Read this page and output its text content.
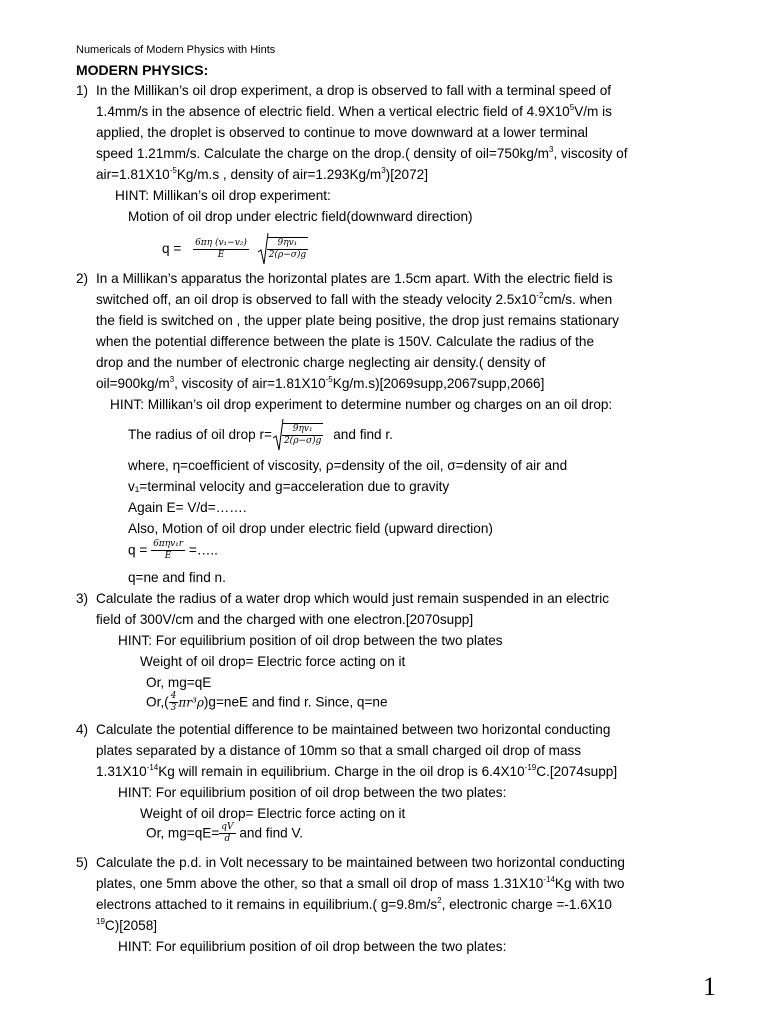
Numericals of Modern Physics with Hints
MODERN PHYSICS:
1) In the Millikan’s oil drop experiment, a drop is observed to fall with a terminal speed of
1.4mm/s in the absence of electric field. When a vertical electric field of $4.9X10^5V/m$ is
applied, the droplet is observed to continue to move downward at a lower terminal
speed 1.21mm/s. Calculate the charge on the drop.( density of $oil=750kg/m^3$, viscosity of
$air=1.81X10^{-5}Kg/m.s$ , density of $air=1.293Kg/m^3)[2072]$
HINT: Millikan’s oil drop experiment:
Motion of oil drop under electric field(downward direction)
$q = \frac{\text{6πη (v₁−v₂)}}{E}$
$\frac{\text{9ηv₁}}{2(\rho-\sigma)g}$
2) In a Millikan’s apparatus the horizontal plates are 1.5cm apart. With the electric field is
switched off, an oil drop is observed to fall with the steady velocity $2.5x10^{-2}cm/s$. when
the field is switched on , the upper plate being positive, the drop just remains stationary
when the potential difference between the plate is 150V. Calculate the radius of the
drop and the number of electronic charge neglecting air density.( density of
$oil=900kg/m^3$, viscosity of $air=1.81X10^{-5}Kg/m.s)[2069supp,2067supp,2066]$
HINT: Millikan’s oil drop experiment to determine number og charges on an oil drop:
The radius of oil drop $r= \frac{\text{9ηv₁}}{2(\rho-\sigma)g}$ and find r.
where, η=coefficient of viscosity, ρ=density of the oil, σ=density of air and
v₁=terminal velocity and g=acceleration due to gravity
Again E= V/d=…….
Also, Motion of oil drop under electric field (upward direction)
$q = \frac{\text{6πηv₁r}}{E}$ =…..
q=ne and find n.
3) Calculate the radius of a water drop which would just remain suspended in an electric
field of 300V/cm and the charged with one electron.[2070supp]
HINT: For equilibrium position of oil drop between the two plates
Weight of oil drop= Electric force acting on it
Or, mg=qE
$Or,( \frac{4}{3} \pi r^3\rho)g=neE$ and find r. Since, q=ne
4) Calculate the potential difference to be maintained between two horizontal conducting
plates separated by a distance of 10mm so that a small charged oil drop of mass
$1.31X10^{-14}Kg$ will remain in equilibrium. Charge in the oil drop is $6.4X10^{-19}C.[2074supp]$
HINT: For equilibrium position of oil drop between the two plates:
Weight of oil drop= Electric force acting on it
Or, $mg=qE= \frac{qV}{d}$ and find V.
5) Calculate the p.d. in Volt necessary to be maintained between two horizontal conducting
plates, one 5mm above the other, so that a small oil drop of mass $1.31X10^{-14}Kg$ with two
electrons attached to it remains in equilibrium.( $g=9.8m/s^2$, electronic charge =-1.6X10
$^{19}$C)[2058]
HINT: For equilibrium position of oil drop between the two plates:
1
